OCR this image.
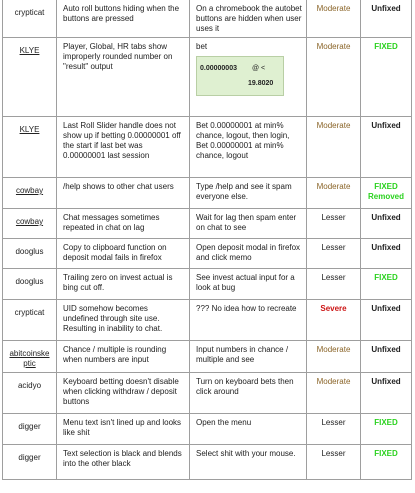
crypticat	Auto roll buttons hiding when the buttons are pressed	On a chromebook the autobet buttons are hidden when user uses it	Moderate	Unfixed
KLYE	Player, Global, HR tabs show improperly rounded number on "result" output	bet
0.00000003 @ <
19.8020	Moderate	FIXED
KLYE	Last Roll Slider handle does not show up if betting 0.00000001 off the start if last bet was 0.00000001 last session	Bet 0.00000001 at min% chance, logout, then login, Bet 0.00000001 at min% chance, logout	Moderate	Unfixed
cowbay	/help shows to other chat users	Type /help and see it spam everyone else.	Moderate	FIXED Removed
cowbay	Chat messages sometimes repeated in chat on lag	Wait for lag then spam enter on chat to see	Lesser	Unfixed
dooglus	Copy to clipboard function on deposit modal fails in firefox	Open deposit modal in firefox and click memo	Lesser	Unfixed
dooglus	Trailing zero on invest actual is bing cut off.	See invest actual input for a look at bug	Lesser	FIXED
crypticat	UID somehow becomes undefined through site use. Resulting in inability to chat.	??? No idea how to recreate	Severe	Unfixed
abitcoinske ptic	Chance / multiple is rounding when numbers are input	Input numbers in chance / multiple and see	Moderate	Unfixed
acidyo	Keyboard betting doesn't disable when clicking withdraw / deposit buttons	Turn on keyboard bets then click around	Moderate	Unfixed
digger	Menu text isn't lined up and looks like shit	Open the menu	Lesser	FIXED
digger	Text selection is black and blends into the other black	Select shit with your mouse.	Lesser	FIXED
